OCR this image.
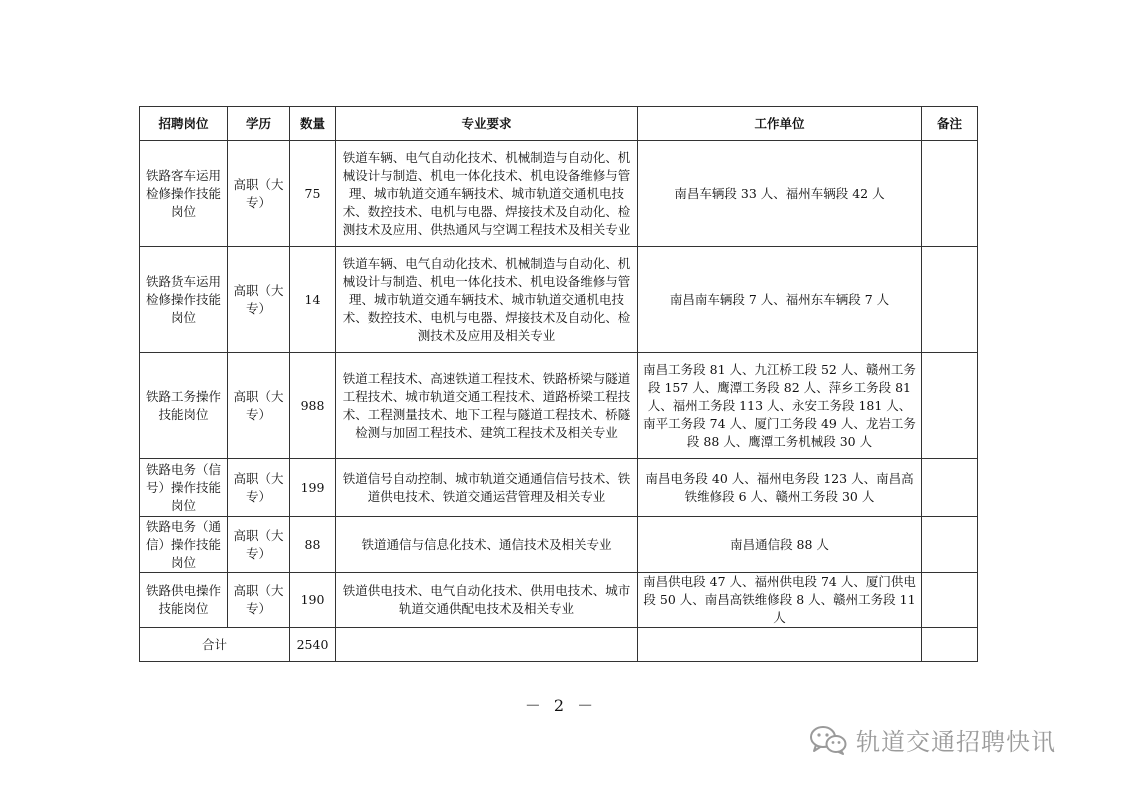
招聘岗位	学历	数量	专业要求	工作单位	备注
铁路客车运用检修操作技能岗位	高职（大专）	75	铁道车辆、电气自动化技术、机械制造与自动化、机械设计与制造、机电一体化技术、机电设备维修与管理、城市轨道交通车辆技术、城市轨道交通机电技术、数控技术、电机与电器、焊接技术及自动化、检测技术及应用、供热通风与空调工程技术及相关专业	南昌车辆段 33 人、福州车辆段 42 人	
铁路货车运用检修操作技能岗位	高职（大专）	14	铁道车辆、电气自动化技术、机械制造与自动化、机械设计与制造、机电一体化技术、机电设备维修与管理、城市轨道交通车辆技术、城市轨道交通机电技术、数控技术、电机与电器、焊接技术及自动化、检测技术及应用及相关专业	南昌南车辆段 7 人、福州东车辆段 7 人	
铁路工务操作技能岗位	高职（大专）	988	铁道工程技术、高速铁道工程技术、铁路桥梁与隧道工程技术、城市轨道交通工程技术、道路桥梁工程技术、工程测量技术、地下工程与隧道工程技术、桥隧检测与加固工程技术、建筑工程技术及相关专业	南昌工务段 81 人、九江桥工段 52 人、赣州工务段 157 人、鹰潭工务段 82 人、萍乡工务段 81 人、福州工务段 113 人、永安工务段 181 人、南平工务段 74 人、厦门工务段 49 人、龙岩工务段 88 人、鹰潭工务机械段 30 人	
铁路电务（信号）操作技能岗位	高职（大专）	199	铁道信号自动控制、城市轨道交通通信信号技术、铁道供电技术、铁道交通运营管理及相关专业	南昌电务段 40 人、福州电务段 123 人、南昌高铁维修段 6 人、赣州工务段 30 人	
铁路电务（通信）操作技能岗位	高职（大专）	88	铁道通信与信息化技术、通信技术及相关专业	南昌通信段 88 人	
铁路供电操作技能岗位	高职（大专）	190	铁道供电技术、电气自动化技术、供用电技术、城市轨道交通供配电技术及相关专业	南昌供电段 47 人、福州供电段 74 人、厦门供电段 50 人、南昌高铁维修段 8 人、赣州工务段 11 人	
合计		2540			
－ 2 －
轨道交通招聘快讯
